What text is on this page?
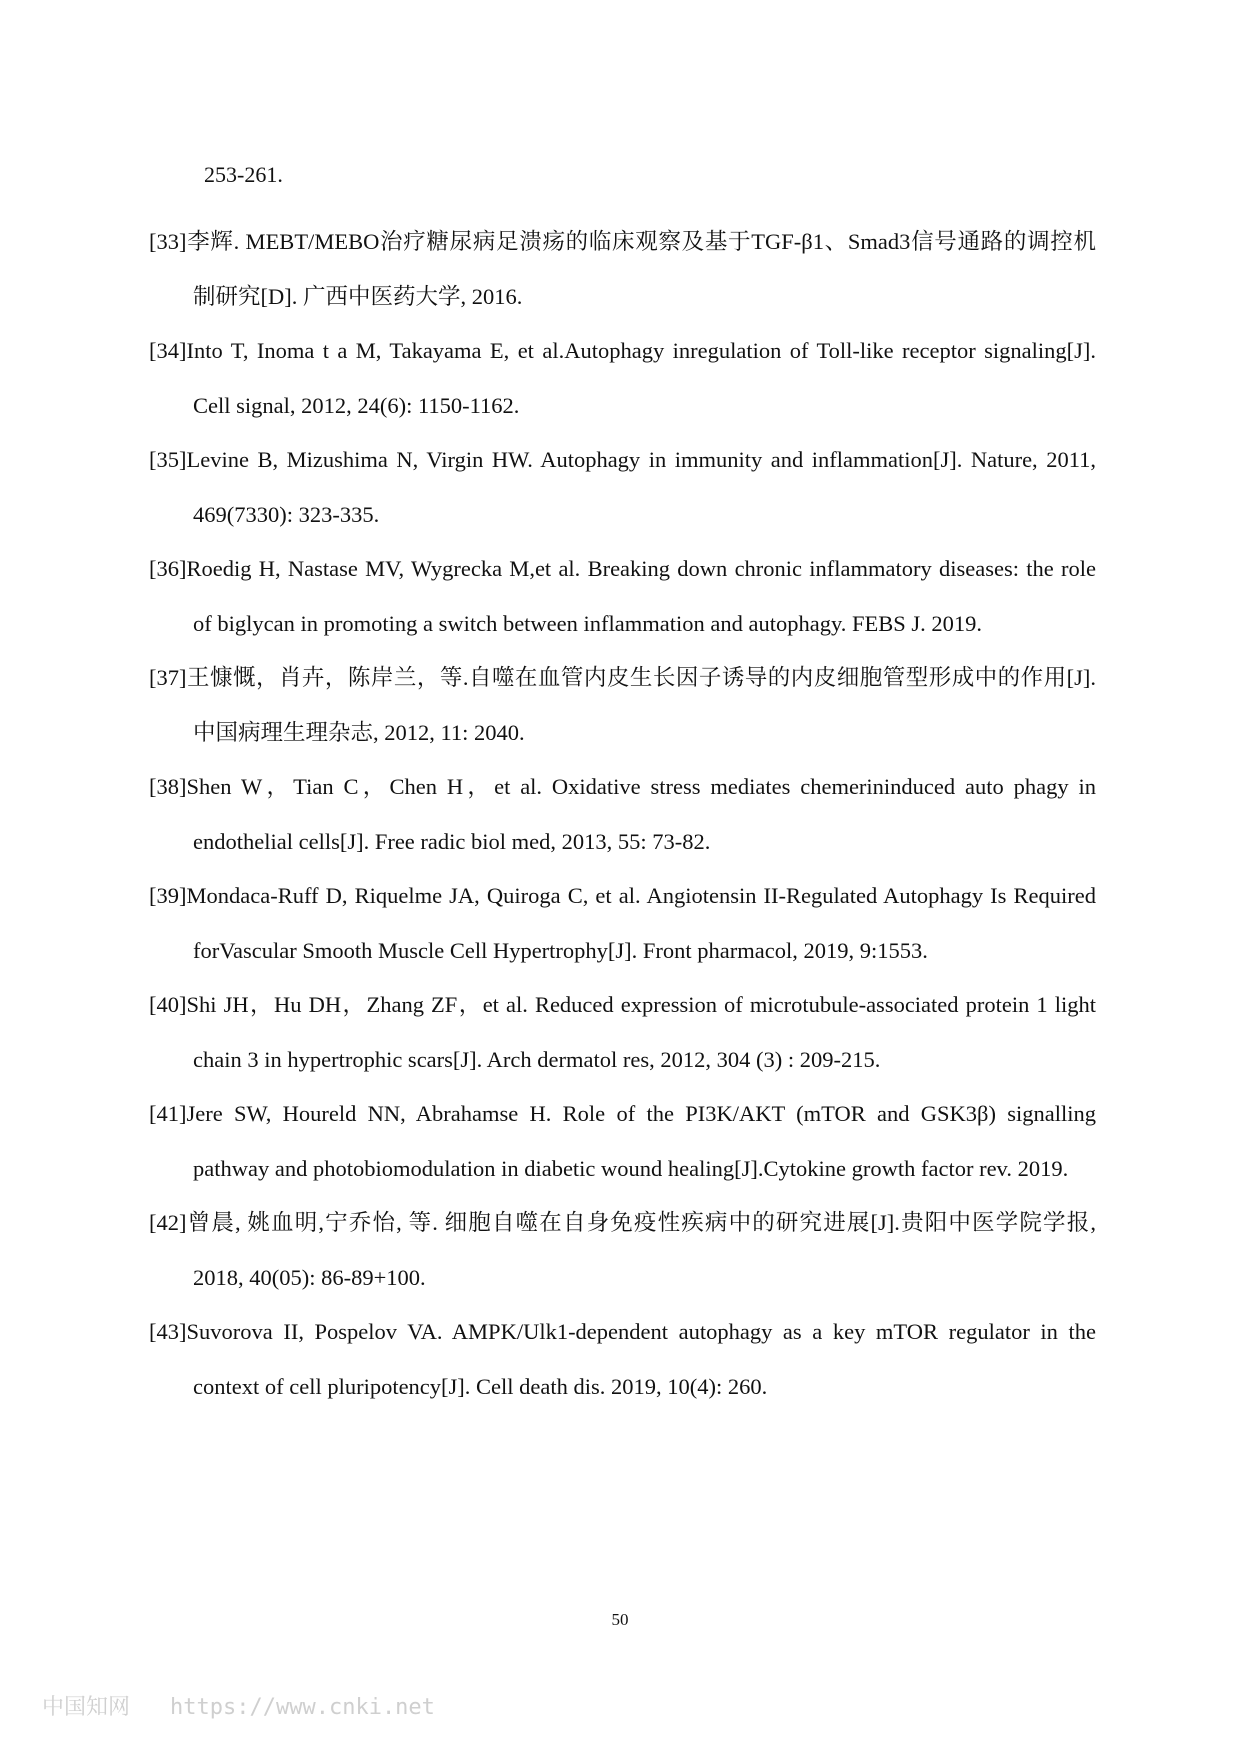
253-261.

[33]李辉. MEBT/MEBO治疗糖尿病足溃疡的临床观察及基于TGF-β1、Smad3信号通路的调控机制研究[D]. 广西中医药大学, 2016.
[34]Into T, Inoma t a M, Takayama E, et al.Autophagy inregulation of Toll-like receptor signaling[J]. Cell signal, 2012, 24(6): 1150-1162.
[35]Levine B, Mizushima N, Virgin HW. Autophagy in immunity and inflammation[J]. Nature, 2011, 469(7330): 323-335.
[36]Roedig H, Nastase MV, Wygrecka M,et al. Breaking down chronic inflammatory diseases: the role of biglycan in promoting a switch between inflammation and autophagy. FEBS J. 2019.
[37]王慷慨，肖卉，陈岸兰，等.自噬在血管内皮生长因子诱导的内皮细胞管型形成中的作用[J]. 中国病理生理杂志, 2012, 11: 2040.
[38]Shen W，Tian C，Chen H，et al. Oxidative stress mediates chemerininduced auto phagy in endothelial cells[J]. Free radic biol med, 2013, 55: 73-82.
[39]Mondaca-Ruff D, Riquelme JA, Quiroga C, et al. Angiotensin II-Regulated Autophagy Is Required forVascular Smooth Muscle Cell Hypertrophy[J]. Front pharmacol, 2019, 9:1553.
[40]Shi JH，Hu DH，Zhang ZF，et al. Reduced expression of microtubule-associated protein 1 light chain 3 in hypertrophic scars[J]. Arch dermatol res, 2012, 304 (3) : 209-215.
[41]Jere SW, Houreld NN, Abrahamse H. Role of the PI3K/AKT (mTOR and GSK3β) signalling pathway and photobiomodulation in diabetic wound healing[J].Cytokine growth factor rev. 2019.
[42]曾晨, 姚血明,宁乔怡, 等. 细胞自噬在自身免疫性疾病中的研究进展[J].贵阳中医学院学报, 2018, 40(05): 86-89+100.
[43]Suvorova II, Pospelov VA. AMPK/Ulk1-dependent autophagy as a key mTOR regulator in the context of cell pluripotency[J]. Cell death dis. 2019, 10(4): 260.
50
中国知网 https://www.cnki.net
